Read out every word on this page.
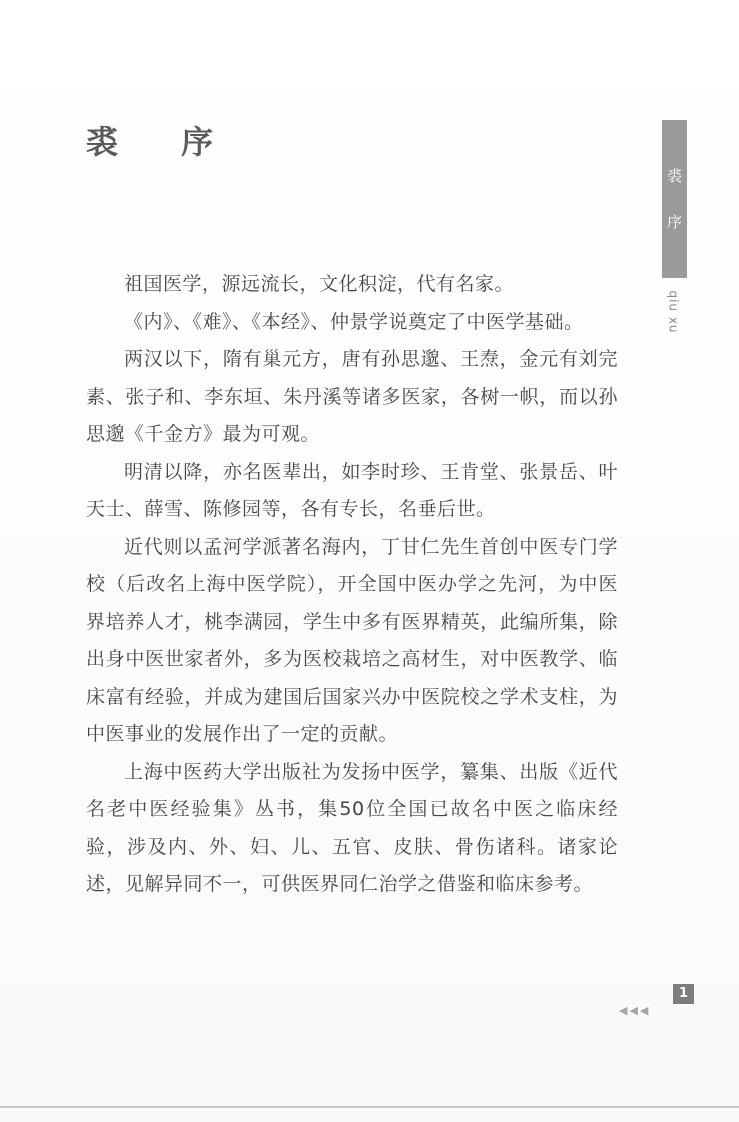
裘 序

祖国医学，源远流长，文化积淀，代有名家。

《内》、《难》、《本经》、仲景学说奠定了中医学基础。

两汉以下，隋有巢元方，唐有孙思邈、王焘，金元有刘完素、张子和、李东垣、朱丹溪等诸多医家，各树一帜，而以孙思邈《千金方》最为可观。

明清以降，亦名医辈出，如李时珍、王肯堂、张景岳、叶天士、薛雪、陈修园等，各有专长，名垂后世。

近代则以孟河学派著名海内，丁甘仁先生首创中医专门学校（后改名上海中医学院），开全国中医办学之先河，为中医界培养人才，桃李满园，学生中多有医界精英，此编所集，除出身中医世家者外，多为医校栽培之高材生，对中医教学、临床富有经验，并成为建国后国家兴办中医院校之学术支柱，为中医事业的发展作出了一定的贡献。

上海中医药大学出版社为发扬中医学，纂集、出版《近代名老中医经验集》丛书，集50位全国已故名中医之临床经验，涉及内、外、妇、儿、五官、皮肤、骨伤诸科。诸家论述，见解异同不一，可供医界同仁治学之借鉴和临床参考。

裘
序
qiu xu
1
◀◀◀
